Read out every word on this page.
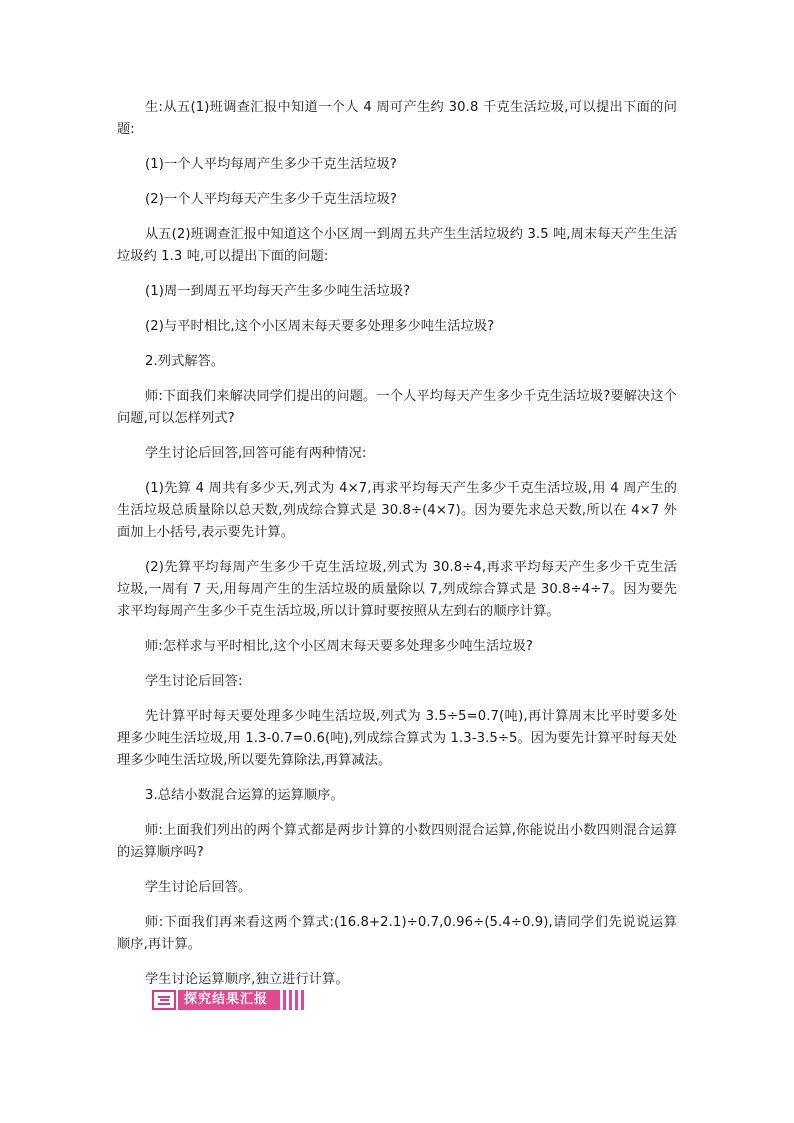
生:从五(1)班调查汇报中知道一个人 4 周可产生约 30.8 千克生活垃圾,可以提出下面的问题:

(1)一个人平均每周产生多少千克生活垃圾?

(2)一个人平均每天产生多少千克生活垃圾?

从五(2)班调查汇报中知道这个小区周一到周五共产生生活垃圾约 3.5 吨,周末每天产生生活垃圾约 1.3 吨,可以提出下面的问题:

(1)周一到周五平均每天产生多少吨生活垃圾?

(2)与平时相比,这个小区周末每天要多处理多少吨生活垃圾?

2.列式解答。

师:下面我们来解决同学们提出的问题。一个人平均每天产生多少千克生活垃圾?要解决这个问题,可以怎样列式?

学生讨论后回答,回答可能有两种情况:

(1)先算 4 周共有多少天,列式为 4×7,再求平均每天产生多少千克生活垃圾,用 4 周产生的生活垃圾总质量除以总天数,列成综合算式是 30.8÷(4×7)。因为要先求总天数,所以在 4×7 外面加上小括号,表示要先计算。

(2)先算平均每周产生多少千克生活垃圾,列式为 30.8÷4,再求平均每天产生多少千克生活垃圾,一周有 7 天,用每周产生的生活垃圾的质量除以 7,列成综合算式是 30.8÷4÷7。因为要先求平均每周产生多少千克生活垃圾,所以计算时要按照从左到右的顺序计算。

师:怎样求与平时相比,这个小区周末每天要多处理多少吨生活垃圾?

学生讨论后回答:

先计算平时每天要处理多少吨生活垃圾,列式为 3.5÷5=0.7(吨),再计算周末比平时要多处理多少吨生活垃圾,用 1.3-0.7=0.6(吨),列成综合算式为 1.3-3.5÷5。因为要先计算平时每天处理多少吨生活垃圾,所以要先算除法,再算减法。

3.总结小数混合运算的运算顺序。

师:上面我们列出的两个算式都是两步计算的小数四则混合运算,你能说出小数四则混合运算的运算顺序吗?

学生讨论后回答。

师:下面我们再来看这两个算式:(16.8+2.1)÷0.7,0.96÷(5.4÷0.9),请同学们先说说运算顺序,再计算。

学生讨论运算顺序,独立进行计算。

探究结果汇报
